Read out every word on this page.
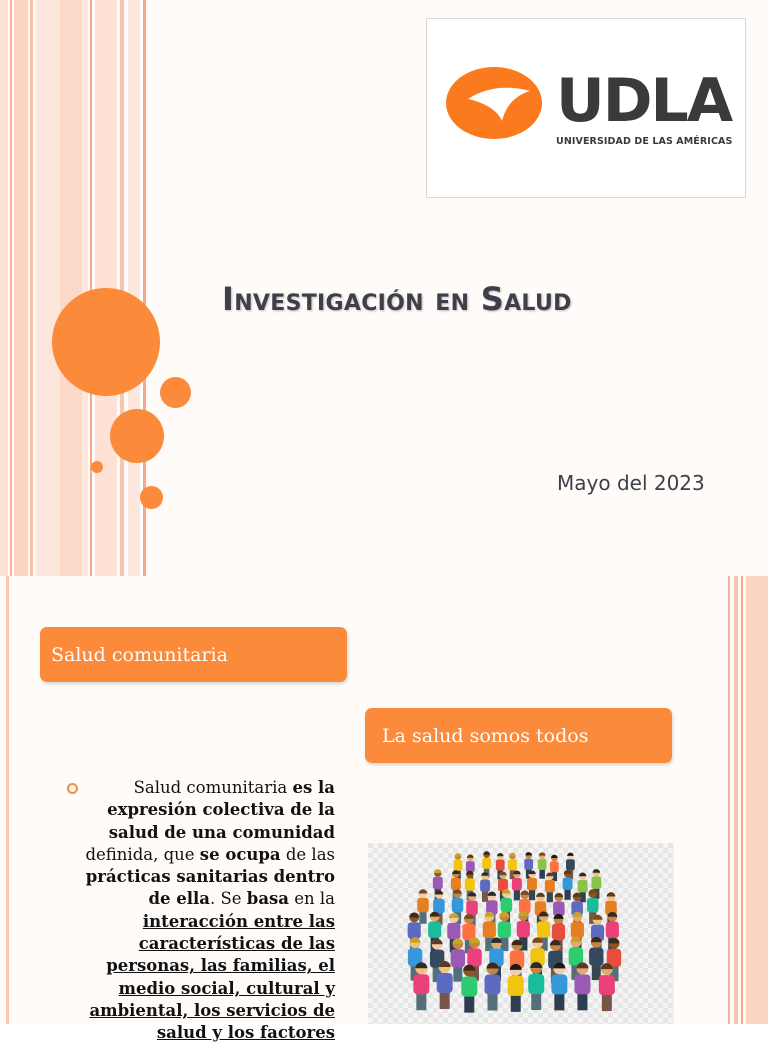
UDLA
UNIVERSIDAD DE LAS AMÉRICAS
Investigación en Salud
Mayo del 2023
Salud comunitaria
La salud somos todos
Salud comunitaria es la expresión colectiva de la salud de una comunidad definida, que se ocupa de las prácticas sanitarias dentro de ella. Se basa en la interacción entre las características de las personas, las familias, el medio social, cultural y ambiental, los servicios de salud y los factores
